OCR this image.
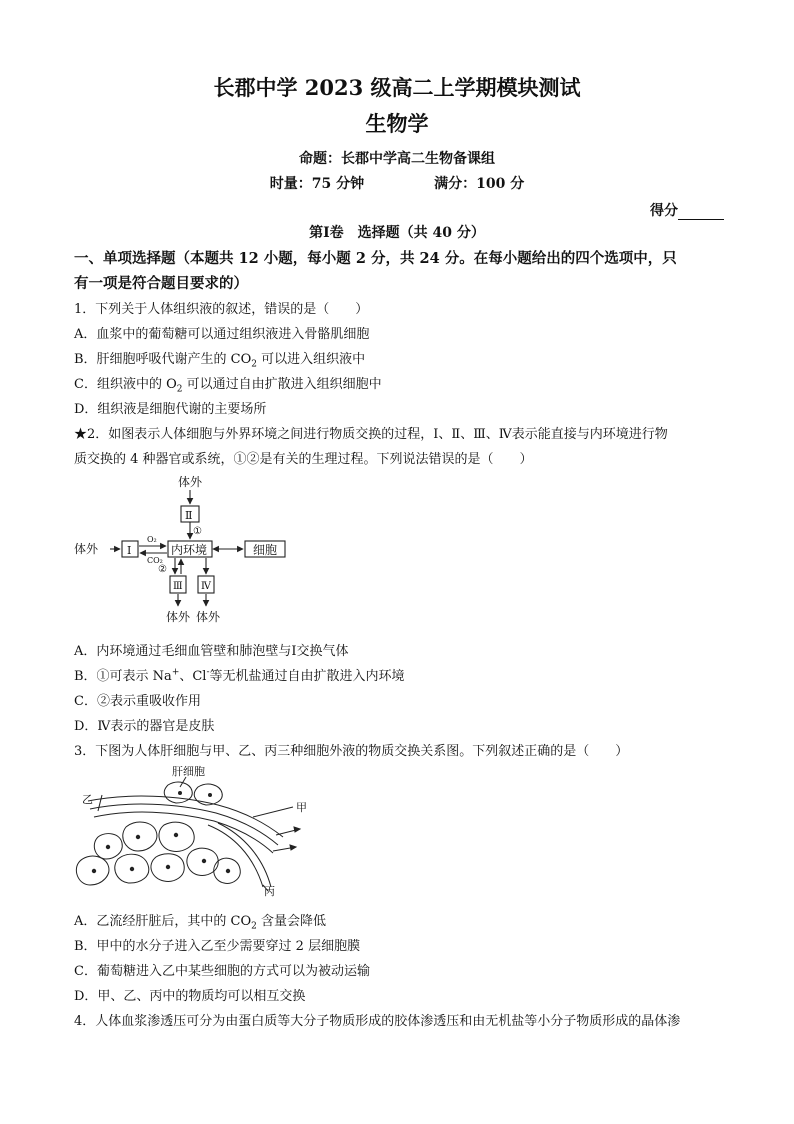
长郡中学 2023 级高二上学期模块测试
生物学
命题：长郡中学高二生物备课组
时量：75 分钟	满分：100 分
得分
第Ⅰ卷　选择题（共 40 分）
一、单项选择题（本题共 12 小题，每小题 2 分，共 24 分。在每小题给出的四个选项中，只
有一项是符合题目要求的）
1．下列关于人体组织液的叙述，错误的是（　　）
A．血浆中的葡萄糖可以通过组织液进入骨骼肌细胞
B．肝细胞呼吸代谢产生的 $CO_2$ 可以进入组织液中
C．组织液中的 $O_2$ 可以通过自由扩散进入组织细胞中
D．组织液是细胞代谢的主要场所
★2．如图表示人体细胞与外界环境之间进行物质交换的过程，Ⅰ、Ⅱ、Ⅲ、Ⅳ表示能直接与内环境进行物
质交换的 4 种器官或系统，①②是有关的生理过程。下列说法错误的是（　　）
体外
Ⅱ
①
体外	Ⅰ
O₂
CO₂
内环境	细胞
②
Ⅲ Ⅳ
体外 体外
A．内环境通过毛细血管壁和肺泡壁与Ⅰ交换气体
B．①可表示 Na+、Cl-等无机盐通过自由扩散进入内环境
C．②表示重吸收作用
D．Ⅳ表示的器官是皮肤
3．下图为人体肝细胞与甲、乙、丙三种细胞外液的物质交换关系图。下列叙述正确的是（　　）
肝细胞
乙
甲
丙
A．乙流经肝脏后，其中的 $CO_2$ 含量会降低
B．甲中的水分子进入乙至少需要穿过 2 层细胞膜
C．葡萄糖进入乙中某些细胞的方式可以为被动运输
D．甲、乙、丙中的物质均可以相互交换
4．人体血浆渗透压可分为由蛋白质等大分子物质形成的胶体渗透压和由无机盐等小分子物质形成的晶体渗
